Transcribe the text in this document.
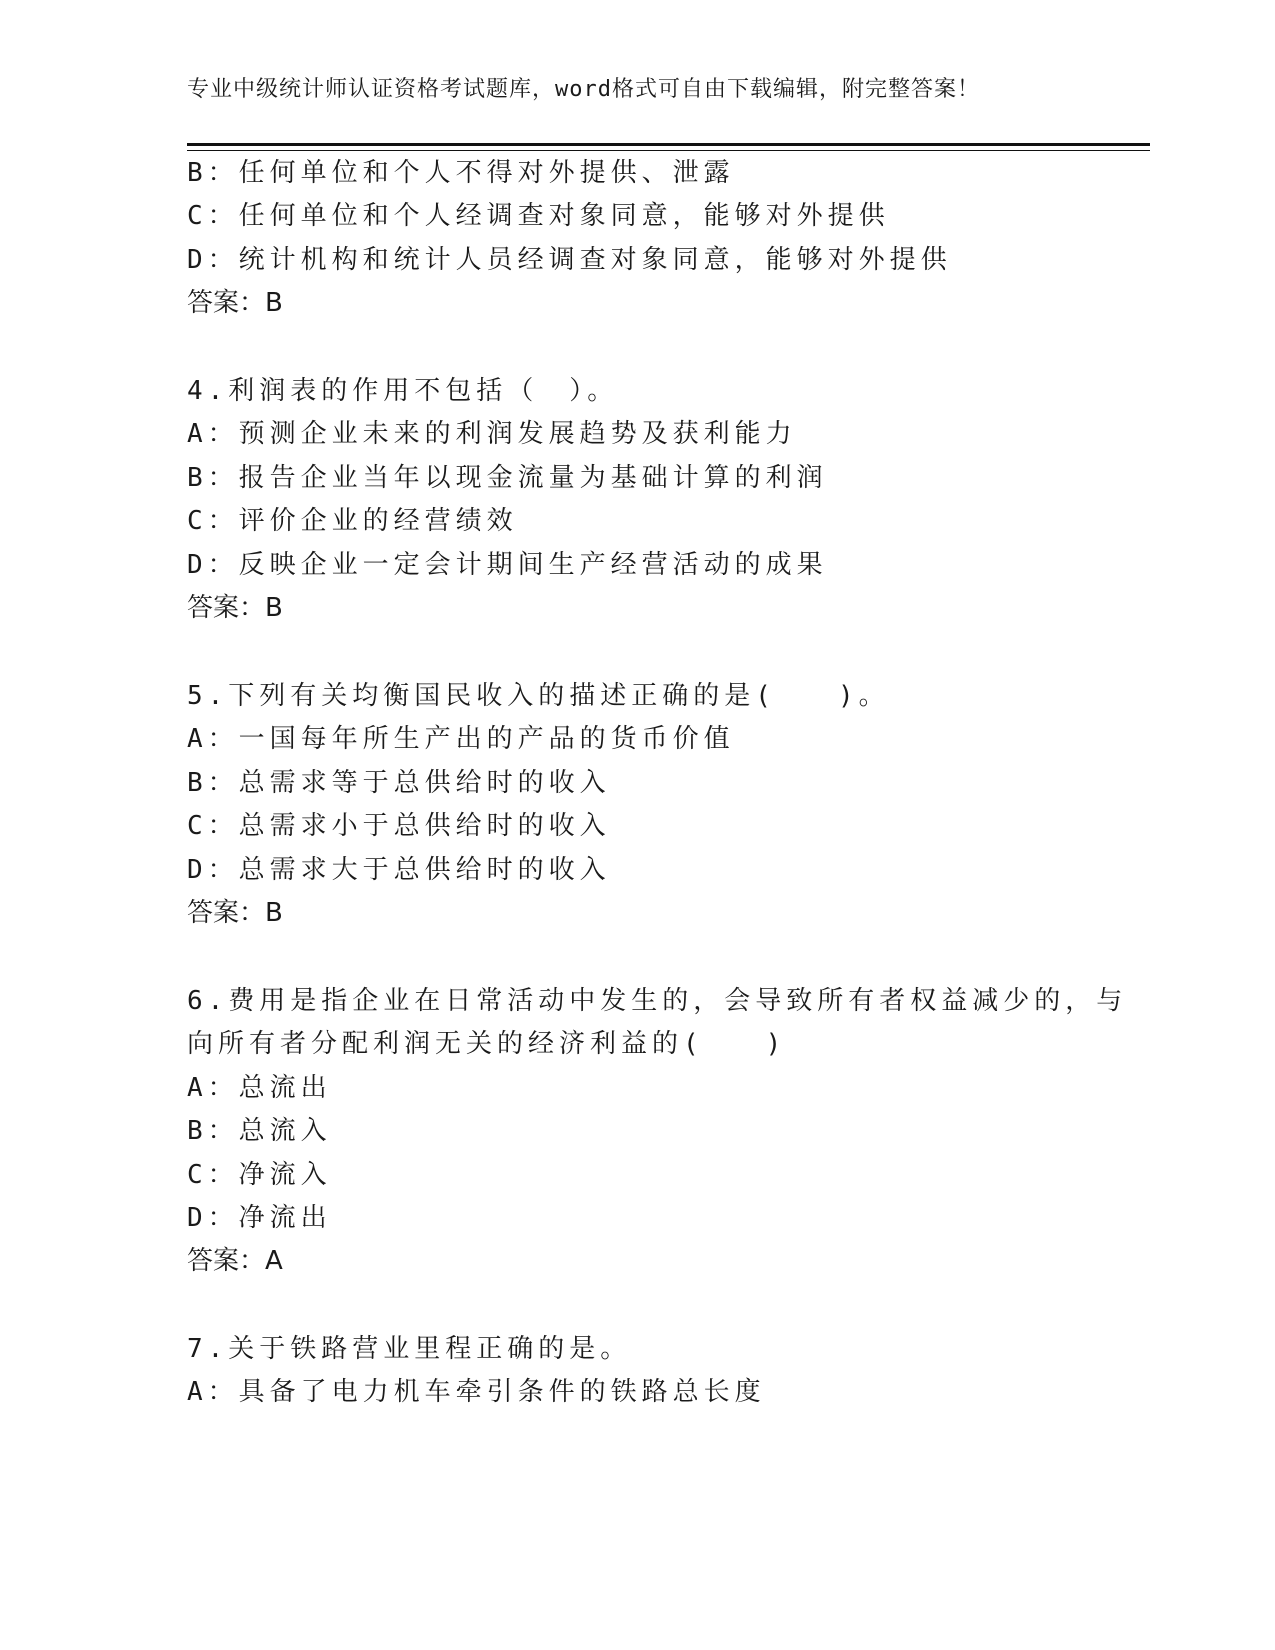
专业中级统计师认证资格考试题库，word格式可自由下载编辑，附完整答案！
B：任何单位和个人不得对外提供、泄露
C：任何单位和个人经调查对象同意，能够对外提供
D：统计机构和统计人员经调查对象同意，能够对外提供
答案：B
4.利润表的作用不包括（　）。
A：预测企业未来的利润发展趋势及获利能力
B：报告企业当年以现金流量为基础计算的利润
C：评价企业的经营绩效
D：反映企业一定会计期间生产经营活动的成果
答案：B
5.下列有关均衡国民收入的描述正确的是(　　)。
A：一国每年所生产出的产品的货币价值
B：总需求等于总供给时的收入
C：总需求小于总供给时的收入
D：总需求大于总供给时的收入
答案：B
6.费用是指企业在日常活动中发生的，会导致所有者权益减少的，与
向所有者分配利润无关的经济利益的(　　)
A：总流出
B：总流入
C：净流入
D：净流出
答案：A
7.关于铁路营业里程正确的是。
A：具备了电力机车牵引条件的铁路总长度
